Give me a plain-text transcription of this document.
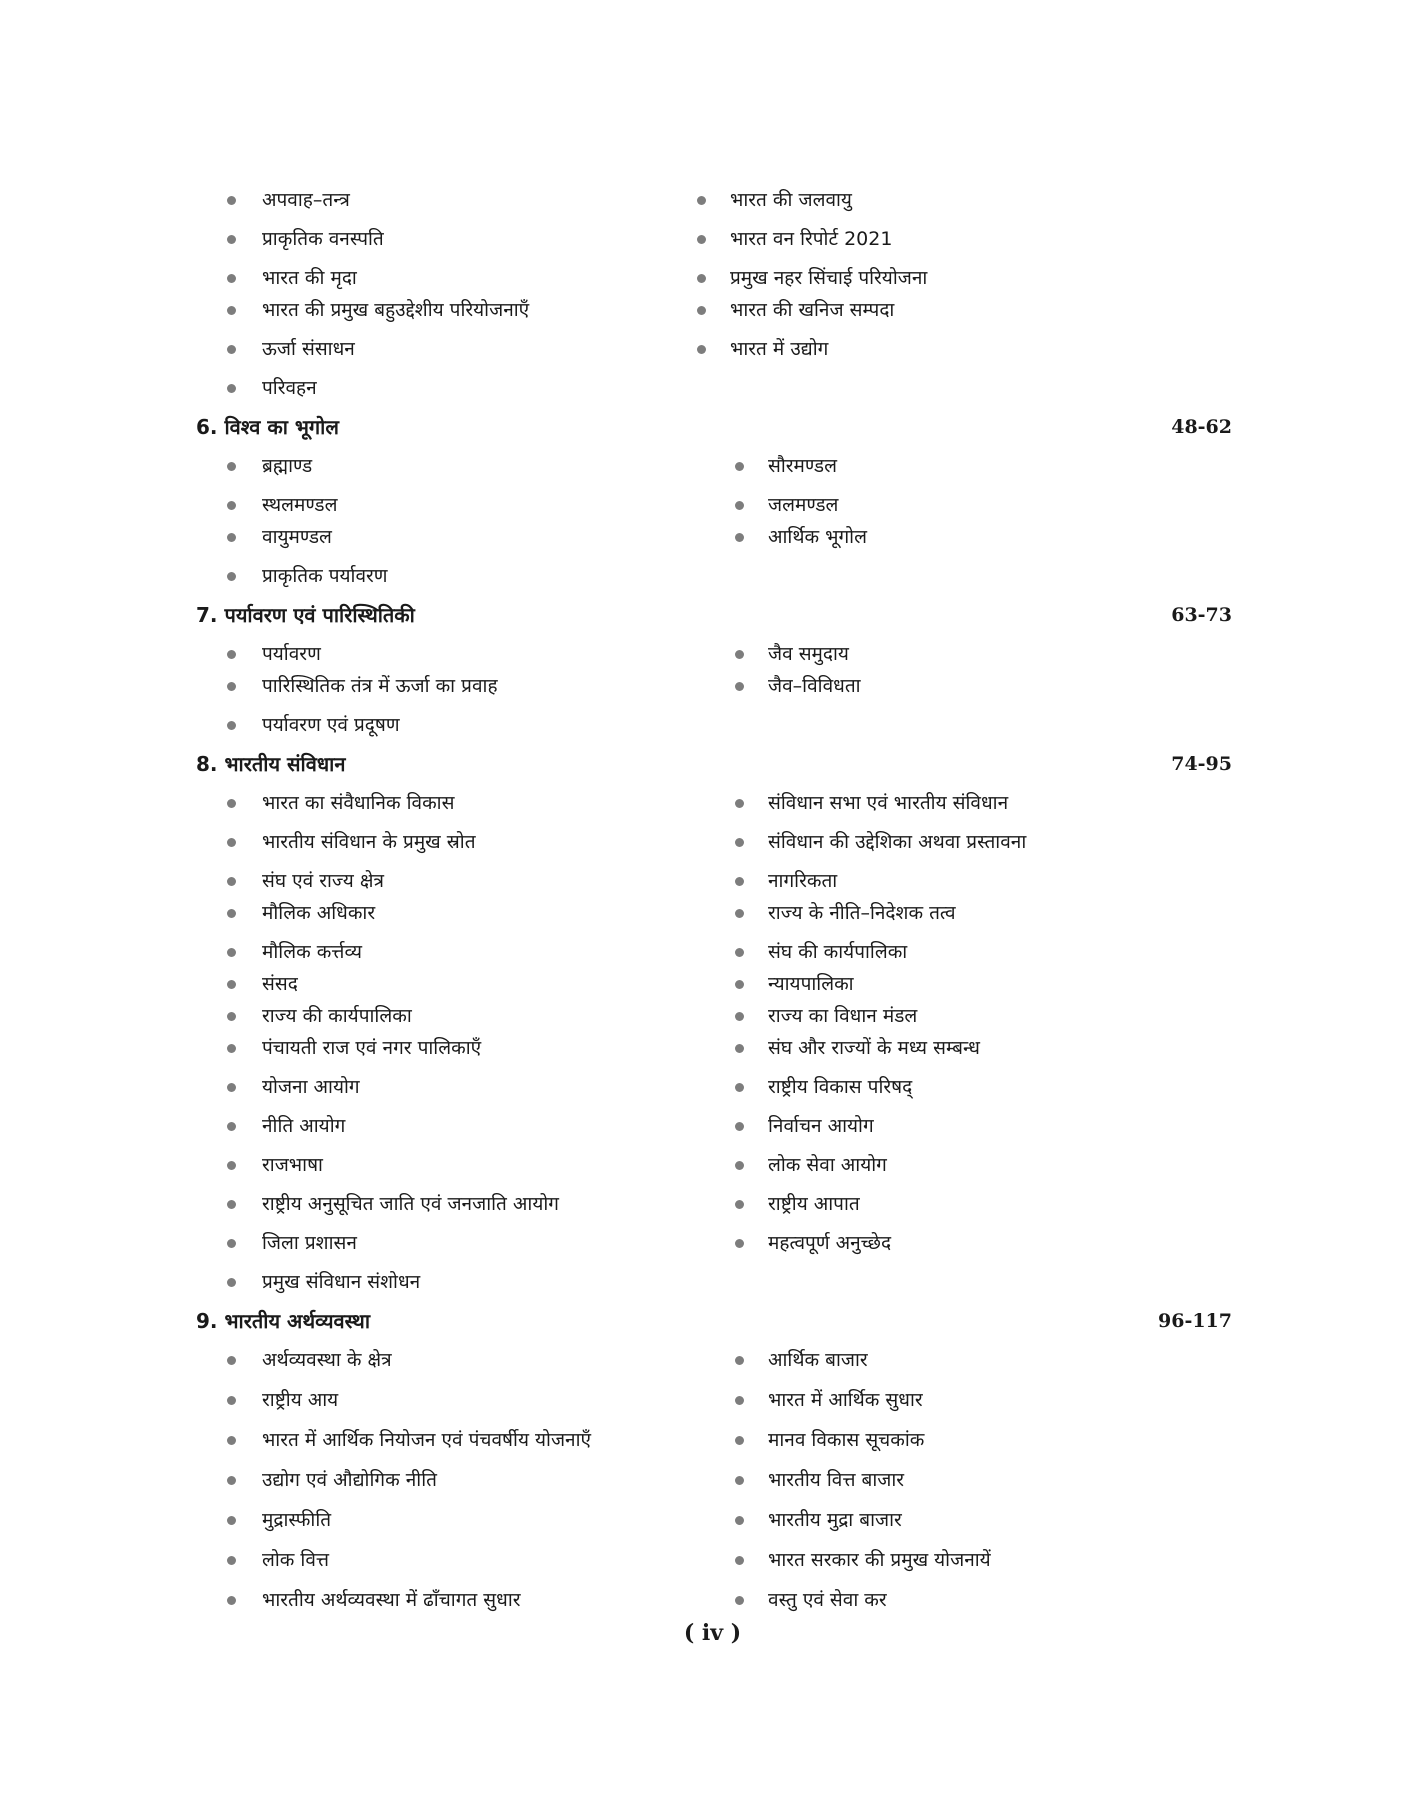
अपवाह–तन्त्र	भारत की जलवायु
प्राकृतिक वनस्पति	भारत वन रिपोर्ट 2021
भारत की मृदा	प्रमुख नहर सिंचाई परियोजना
भारत की प्रमुख बहुउद्देशीय परियोजनाएँ	भारत की खनिज सम्पदा
ऊर्जा संसाधन	भारत में उद्योग
परिवहन
6. विश्व का भूगोल	48-62
ब्रह्माण्ड	सौरमण्डल
स्थलमण्डल	जलमण्डल
वायुमण्डल	आर्थिक भूगोल
प्राकृतिक पर्यावरण
7. पर्यावरण एवं पारिस्थितिकी	63-73
पर्यावरण	जैव समुदाय
पारिस्थितिक तंत्र में ऊर्जा का प्रवाह	जैव–विविधता
पर्यावरण एवं प्रदूषण
8. भारतीय संविधान	74-95
भारत का संवैधानिक विकास	संविधान सभा एवं भारतीय संविधान
भारतीय संविधान के प्रमुख स्रोत	संविधान की उद्देशिका अथवा प्रस्तावना
संघ एवं राज्य क्षेत्र	नागरिकता
मौलिक अधिकार	राज्य के नीति–निदेशक तत्व
मौलिक कर्त्तव्य	संघ की कार्यपालिका
संसद	न्यायपालिका
राज्य की कार्यपालिका	राज्य का विधान मंडल
पंचायती राज एवं नगर पालिकाएँ	संघ और राज्यों के मध्य सम्बन्ध
योजना आयोग	राष्ट्रीय विकास परिषद्
नीति आयोग	निर्वाचन आयोग
राजभाषा	लोक सेवा आयोग
राष्ट्रीय अनुसूचित जाति एवं जनजाति आयोग	राष्ट्रीय आपात
जिला प्रशासन	महत्वपूर्ण अनुच्छेद
प्रमुख संविधान संशोधन
9. भारतीय अर्थव्यवस्था	96-117
अर्थव्यवस्था के क्षेत्र	आर्थिक बाजार
राष्ट्रीय आय	भारत में आर्थिक सुधार
भारत में आर्थिक नियोजन एवं पंचवर्षीय योजनाएँ	मानव विकास सूचकांक
उद्योग एवं औद्योगिक नीति	भारतीय वित्त बाजार
मुद्रास्फीति	भारतीय मुद्रा बाजार
लोक वित्त	भारत सरकार की प्रमुख योजनायें
भारतीय अर्थव्यवस्था में ढाँचागत सुधार	वस्तु एवं सेवा कर
( iv )
